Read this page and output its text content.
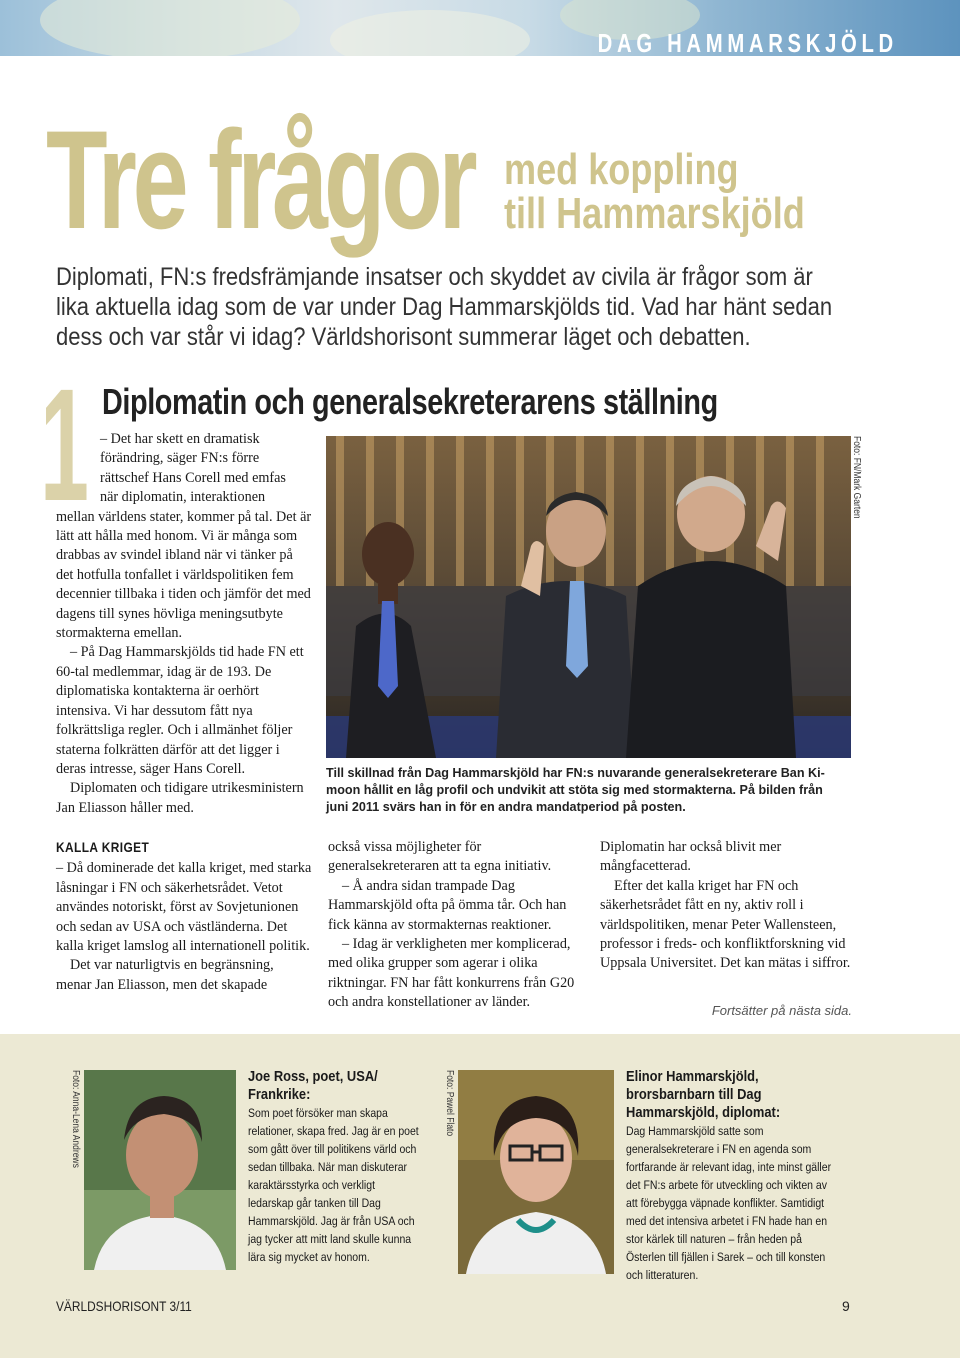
DAG HAMMARSKJÖLD
Tre frågor med koppling
till Hammarskjöld
Diplomati, FN:s fredsfrämjande insatser och skyddet av civila är frågor som är lika aktuella idag som de var under Dag Hammarskjölds tid. Vad har hänt sedan dess och var står vi idag? Världshorisont summerar läget och debatten.
1 Diplomatin och generalsekreterarens ställning
– Det har skett en dramatisk
förändring, säger FN:s förre
rättschef Hans Corell med emfas
när diplomatin, interaktionen

mellan världens stater, kommer på tal. Det är lätt att hålla med honom. Vi är många som drabbas av svindel ibland när vi tänker på det hotfulla tonfallet i världspolitiken fem decennier tillbaka i tiden och jämför det med dagens till synes hövliga meningsutbyte stormakterna emellan.

– På Dag Hammarskjölds tid hade FN ett 60-tal medlemmar, idag är de 193. De diplomatiska kontakterna är oerhört intensiva. Vi har dessutom fått nya folkrättsliga regler. Och i allmänhet följer staterna folkrätten därför att det ligger i deras intresse, säger Hans Corell.

Diplomaten och tidigare utrikesministern Jan Eliasson håller med.

Foto: FN/Mark Garten
Till skillnad från Dag Hammarskjöld har FN:s nuvarande generalsekreterare Ban Ki-moon hållit en låg profil och undvikit att stöta sig med stormakterna. På bilden från juni 2011 svärs han in för en andra mandatperiod på posten.
KALLA KRIGET

– Då dominerade det kalla kriget, med starka låsningar i FN och säkerhetsrådet. Vetot användes notoriskt, först av Sovjetunionen och sedan av USA och västländerna. Det kalla kriget lamslog all internationell politik.

Det var naturligtvis en begränsning, menar Jan Eliasson, men det skapade

också vissa möjligheter för generalsekreteraren att ta egna initiativ.

– Å andra sidan trampade Dag Hammarskjöld ofta på ömma tår. Och han fick känna av stormakternas reaktioner.

– Idag är verkligheten mer komplicerad, med olika grupper som agerar i olika riktningar. FN har fått konkurrens från G20 och andra konstellationer av länder.

Diplomatin har också blivit mer mångfacetterad.

Efter det kalla kriget har FN och säkerhetsrådet fått en ny, aktiv roll i världspolitiken, menar Peter Wallensteen, professor i freds- och konfliktforskning vid Uppsala Universitet. Det kan mätas i siffror.

Fortsätter på nästa sida.
Foto: Anna-Lena Andrews	Joe Ross, poet, USA/ Frankrike:
Som poet försöker man skapa relationer, skapa fred. Jag är en poet som gått över till politikens värld och sedan tillbaka. När man diskuterar karaktärsstyrka och verkligt ledarskap går tanken till Dag Hammarskjöld. Jag är från USA och jag tycker att mitt land skulle kunna lära sig mycket av honom.
Foto: Pawel Flato	Elinor Hammarskjöld, brorsbarnbarn till Dag Hammarskjöld, diplomat:
Dag Hammarskjöld satte som generalsekreterare i FN en agenda som fortfarande är relevant idag, inte minst gäller det FN:s arbete för utveckling och vikten av att förebygga väpnade konflikter. Samtidigt med det intensiva arbetet i FN hade han en stor kärlek till naturen – från heden på Österlen till fjällen i Sarek – och till konsten och litteraturen.
VÄRLDSHORISONT 3/11	9
